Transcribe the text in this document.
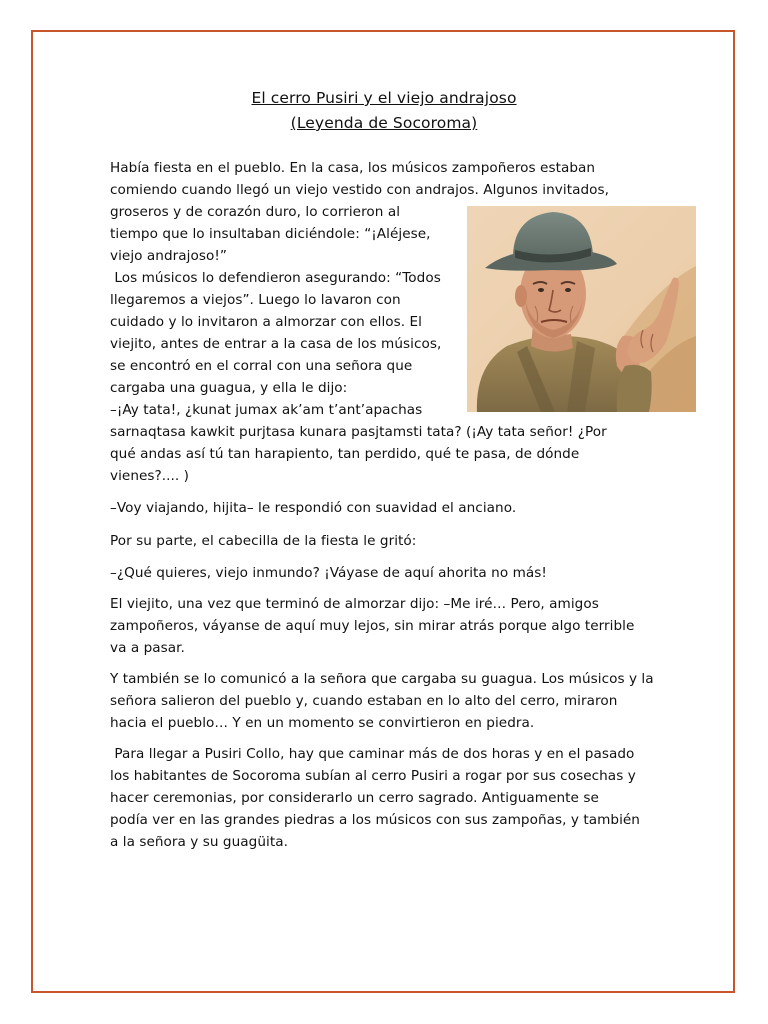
El cerro Pusiri y el viejo andrajoso
(Leyenda de Socoroma)
Había fiesta en el pueblo. En la casa, los músicos zampoñeros estaban
comiendo cuando llegó un viejo vestido con andrajos. Algunos invitados,
groseros y de corazón duro, lo corrieron al
tiempo que lo insultaban diciéndole: “¡Aléjese,
viejo andrajoso!”
Los músicos lo defendieron asegurando: “Todos
llegaremos a viejos”. Luego lo lavaron con
cuidado y lo invitaron a almorzar con ellos. El
viejito, antes de entrar a la casa de los músicos,
se encontró en el corral con una señora que
cargaba una guagua, y ella le dijo:
–¡Ay tata!, ¿kunat jumax ak’am t’ant’apachas
sarnaqtasa kawkit purjtasa kunara pasjtamsti tata? (¡Ay tata señor! ¿Por
qué andas así tú tan harapiento, tan perdido, qué te pasa, de dónde
vienes?.... )
–Voy viajando, hijita– le respondió con suavidad el anciano.
Por su parte, el cabecilla de la fiesta le gritó:
–¿Qué quieres, viejo inmundo? ¡Váyase de aquí ahorita no más!
El viejito, una vez que terminó de almorzar dijo: –Me iré… Pero, amigos
zampoñeros, váyanse de aquí muy lejos, sin mirar atrás porque algo terrible
va a pasar.
Y también se lo comunicó a la señora que cargaba su guagua. Los músicos y la
señora salieron del pueblo y, cuando estaban en lo alto del cerro, miraron
hacia el pueblo… Y en un momento se convirtieron en piedra.
Para llegar a Pusiri Collo, hay que caminar más de dos horas y en el pasado
los habitantes de Socoroma subían al cerro Pusiri a rogar por sus cosechas y
hacer ceremonias, por considerarlo un cerro sagrado. Antiguamente se
podía ver en las grandes piedras a los músicos con sus zampoñas, y también
a la señora y su guagüita.
